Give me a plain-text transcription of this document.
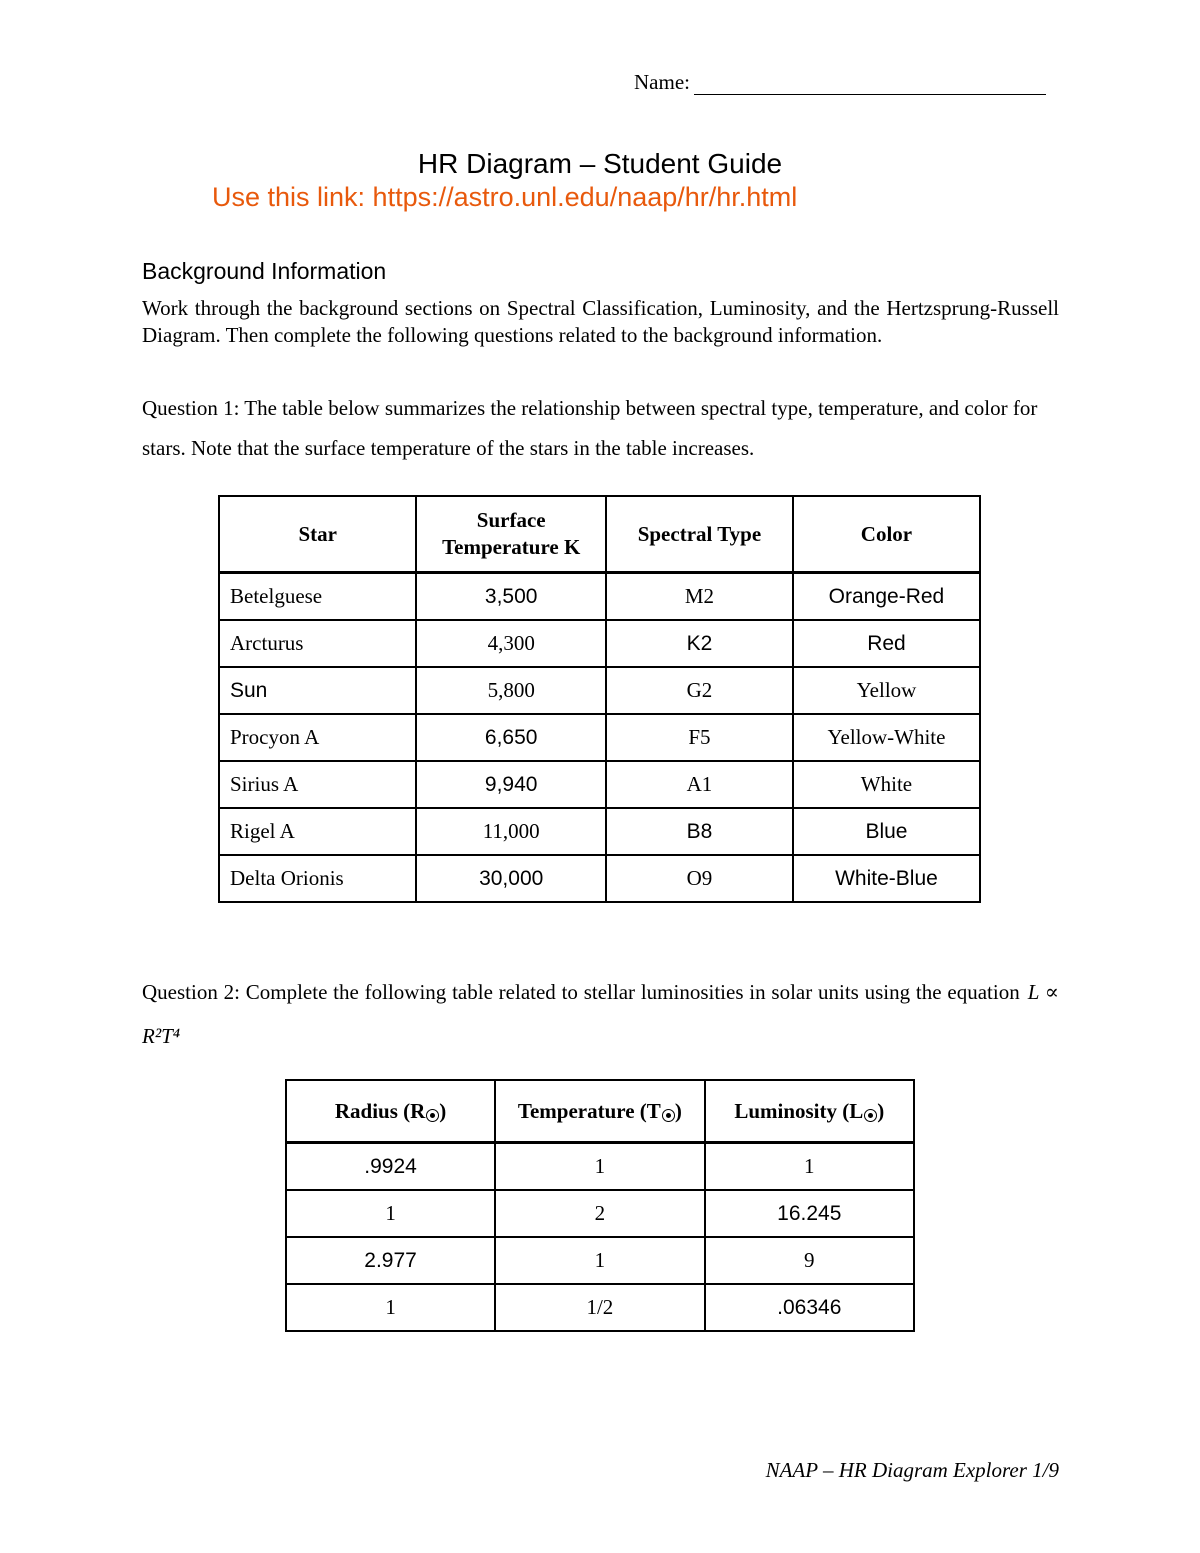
Name:
HR Diagram – Student Guide
Use this link: https://astro.unl.edu/naap/hr/hr.html
Background Information
Work through the background sections on Spectral Classification, Luminosity, and the Hertzsprung-Russell Diagram. Then complete the following questions related to the background information.
Question 1: The table below summarizes the relationship between spectral type, temperature, and color for stars. Note that the surface temperature of the stars in the table increases.
Star	Surface Temperature K	Spectral Type	Color
Betelguese	3,500	M2	Orange-Red
Arcturus	4,300	K2	Red
Sun	5,800	G2	Yellow
Procyon A	6,650	F5	Yellow-White
Sirius A	9,940	A1	White
Rigel A	11,000	B8	Blue
Delta Orionis	30,000	O9	White-Blue
Question 2: Complete the following table related to stellar luminosities in solar units using the equation L ∝ R²T⁴
Radius (R )	Temperature (T )	Luminosity (L )
.9924	1	1
1	2	16.245
2.977	1	9
1	1/2	.06346
NAAP – HR Diagram Explorer 1/9
